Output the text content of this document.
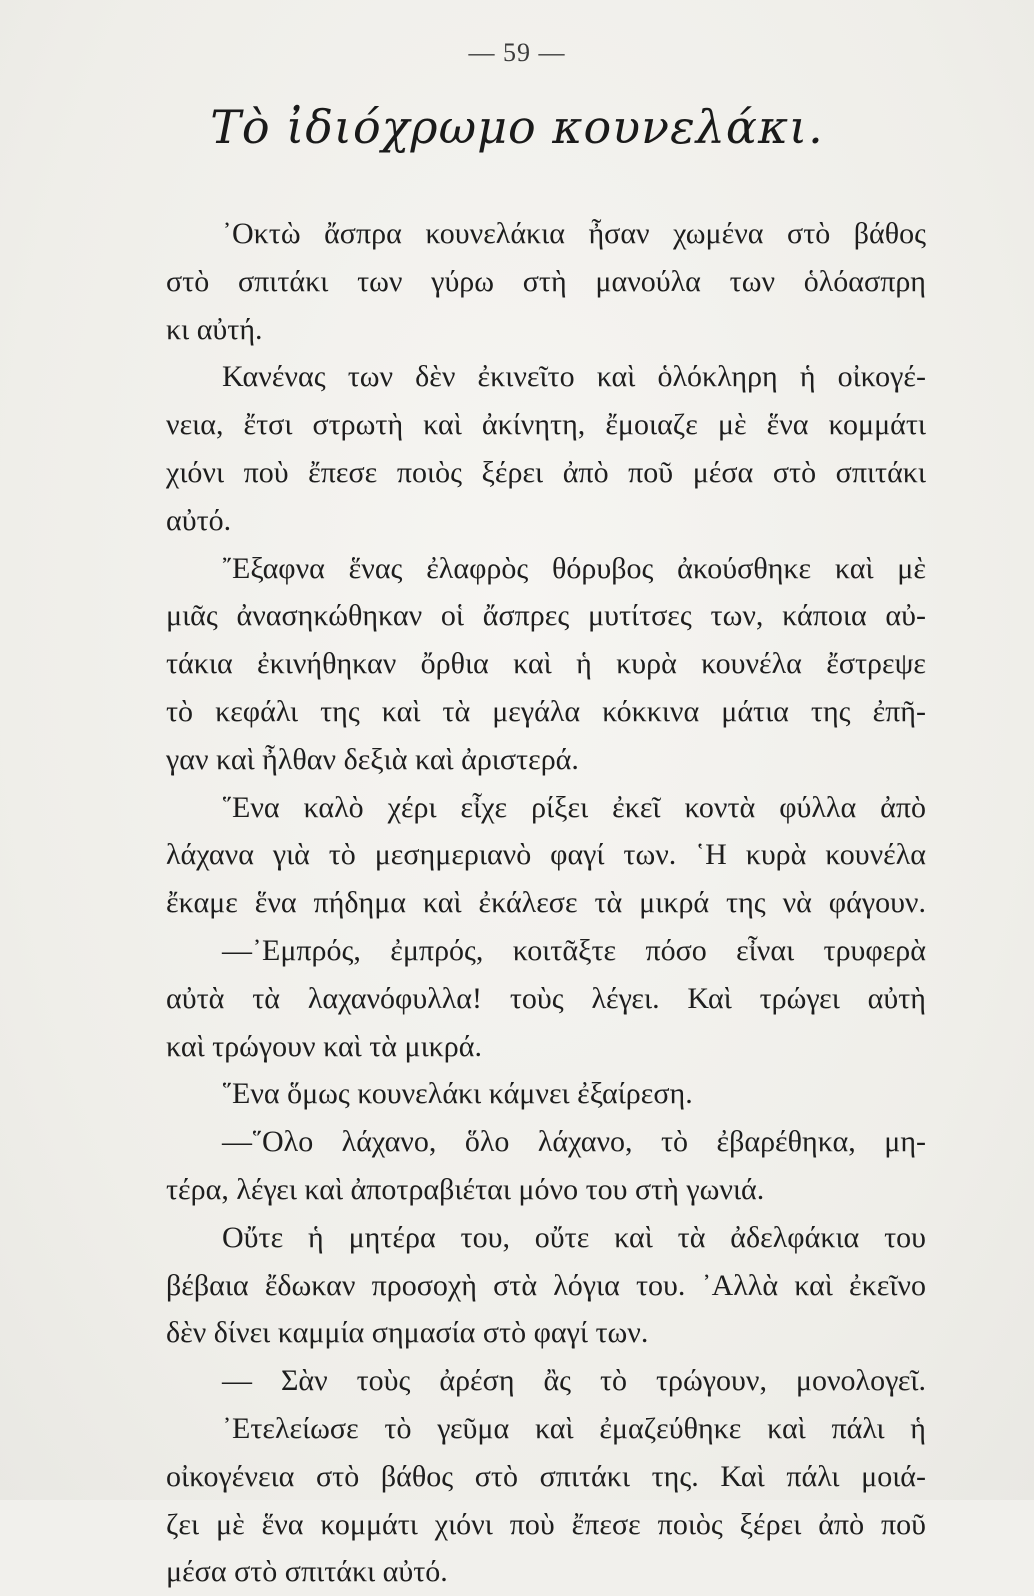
— 59 —
Τὸ ἰδιόχρωμο κουνελάκι.
᾿Οκτὼ ἄσπρα κουνελάκια ἦσαν χωμένα στὸ βάθος
στὸ σπιτάκι των γύρω στὴ μανούλα των ὁλόασπρη
κι αὐτή.
Κανένας των δὲν ἐκινεῖτο καὶ ὁλόκληρη ἡ οἰκογέ-
νεια, ἔτσι στρωτὴ καὶ ἀκίνητη, ἔμοιαζε μὲ ἕνα κομμάτι
χιόνι ποὺ ἔπεσε ποιὸς ξέρει ἀπὸ ποῦ μέσα στὸ σπιτάκι
αὐτό.
῎Εξαφνα ἕνας ἐλαφρὸς θόρυβος ἀκούσθηκε καὶ μὲ
μιᾶς ἀνασηκώθηκαν οἱ ἄσπρες μυτίτσες των, κάποια αὐ-
τάκια ἐκινήθηκαν ὄρθια καὶ ἡ κυρὰ κουνέλα ἔστρεψε
τὸ κεφάλι της καὶ τὰ μεγάλα κόκκινα μάτια της ἐπῆ-
γαν καὶ ἦλθαν δεξιὰ καὶ ἀριστερά.
῞Ενα καλὸ χέρι εἶχε ρίξει ἐκεῖ κοντὰ φύλλα ἀπὸ
λάχανα γιὰ τὸ μεσημεριανὸ φαγί των. ῾Η κυρὰ κουνέλα
ἔκαμε ἕνα πήδημα καὶ ἐκάλεσε τὰ μικρά της νὰ φάγουν.
—᾿Εμπρός, ἐμπρός, κοιτᾶξτε πόσο εἶναι τρυφερὰ
αὐτὰ τὰ λαχανόφυλλα! τοὺς λέγει. Καὶ τρώγει αὐτὴ
καὶ τρώγουν καὶ τὰ μικρά.
῞Ενα ὅμως κουνελάκι κάμνει ἐξαίρεση.
—῞Ολο λάχανο, ὅλο λάχανο, τὸ ἐβαρέθηκα, μη-
τέρα, λέγει καὶ ἀποτραβιέται μόνο του στὴ γωνιά.
Οὔτε ἡ μητέρα του, οὔτε καὶ τὰ ἀδελφάκια του
βέβαια ἔδωκαν προσοχὴ στὰ λόγια του. ᾿Αλλὰ καὶ ἐκεῖνο
δὲν δίνει καμμία σημασία στὸ φαγί των.
— Σὰν τοὺς ἀρέση ἂς τὸ τρώγουν, μονολογεῖ.
᾿Ετελείωσε τὸ γεῦμα καὶ ἐμαζεύθηκε καὶ πάλι ἡ
οἰκογένεια στὸ βάθος στὸ σπιτάκι της. Καὶ πάλι μοιά-
ζει μὲ ἕνα κομμάτι χιόνι ποὺ ἔπεσε ποιὸς ξέρει ἀπὸ ποῦ
μέσα στὸ σπιτάκι αὐτό.
